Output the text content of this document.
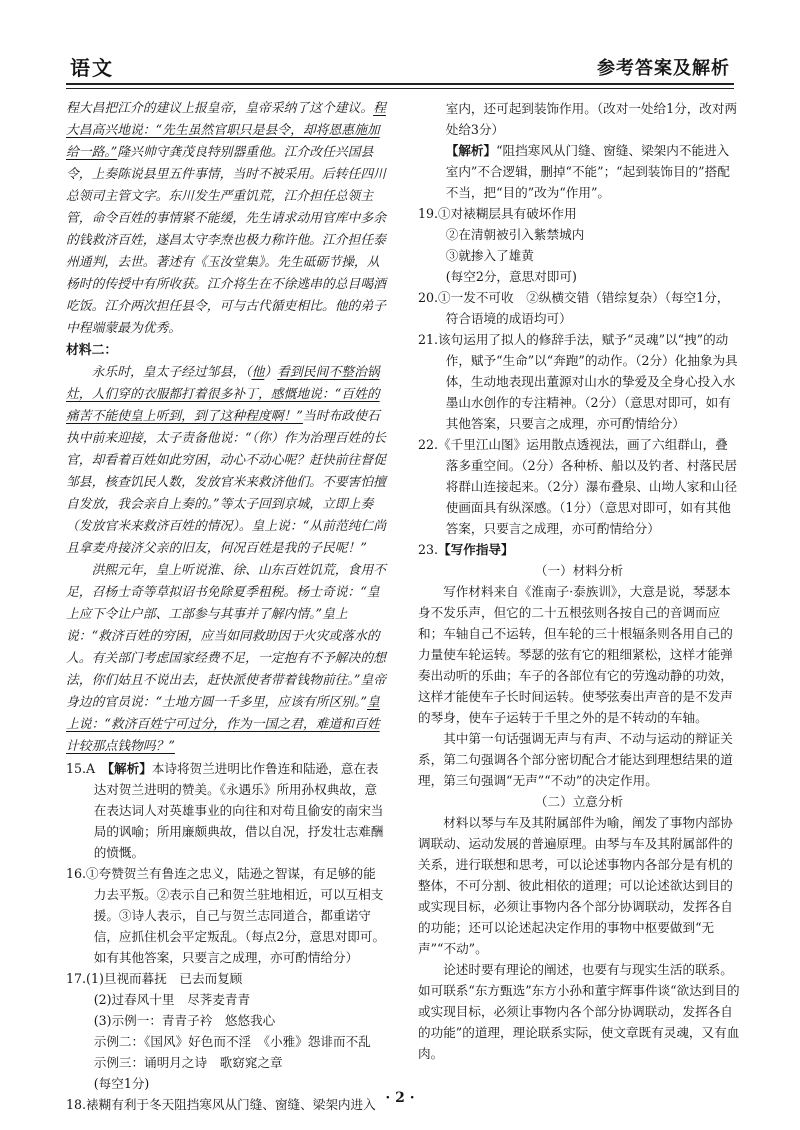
语文	参考答案及解析

程大昌把江介的建议上报皇帝，皇帝采纳了这个建议。程大昌高兴地说：“先生虽然官职只是县令，却将恩惠施加给一路。”隆兴帅守龚茂良特别器重他。江介改任兴国县令，上奏陈说县里五件事情，当时不被采用。后转任四川总领司主管文字。东川发生严重饥荒，江介担任总领主管，命令百姓的事情紧不能缓，先生请求动用官库中多余的钱救济百姓，遂昌太守李焘也极力称许他。江介担任泰州通判，去世。著述有《玉汝堂集》。先生砥砺节操，从杨时的传授中有所收获。江介将生在不徐逃串的总目喝酒吃饭。江介两次担任县令，可与古代循吏相比。他的弟子中程端蒙最为优秀。

材料二：

永乐时，皇太子经过邹县，（他）看到民间不整治锅灶，人们穿的衣服都打着很多补丁，感慨地说：“百姓的痛苦不能使皇上听到，到了这种程度啊！”当时布政使石执中前来迎接，太子责备他说：“（你）作为治理百姓的长官，却看着百姓如此穷困，动心不动心呢？赶快前往督促邹县，核查饥民人数，发放官米来救济他们。不要害怕擅自发放，我会亲自上奏的。”等太子回到京城，立即上奏（发放官米来救济百姓的情况）。皇上说：“从前范纯仁尚且拿麦舟接济父亲的旧友，何况百姓是我的子民呢！”

洪熙元年，皇上听说淮、徐、山东百姓饥荒，食用不足，召杨士奇等草拟诏书免除夏季租税。杨士奇说：“皇上应下令让户部、工部参与其事并了解内情。”皇上说：“救济百姓的穷困，应当如同救助因于火灾或落水的人。有关部门考虑国家经费不足，一定抱有不予解决的想法，你们姑且不说出去，赶快派使者带着钱物前往。”皇帝身边的官员说：“土地方圆一千多里，应该有所区别。”皇上说：“救济百姓宁可过分，作为一国之君，难道和百姓计较那点钱物吗？”

15.A　 【解析】本诗将贺兰进明比作鲁连和陆逊，意在表达对贺兰进明的赞美。《永遇乐》所用孙权典故，意在表达词人对英雄事业的向往和对苟且偷安的南宋当局的讽喻；所用廉颇典故，借以自况，抒发壮志难酬的愤慨。

16.①夸赞贺兰有鲁连之忠义，陆逊之智谋，有足够的能力去平叛。②表示自己和贺兰驻地相近，可以互相支援。③诗人表示，自己与贺兰志同道合，都重诺守信，应抓住机会平定叛乱。（每点2分，意思对即可。如有其他答案，只要言之成理，亦可酌情给分）

17.(1)旦视而暮抚　已去而复顾

(2)过春风十里　尽荠麦青青

(3)示例一：青青子衿　悠悠我心

示例二：《国风》好色而不淫　《小雅》怨诽而不乱

示例三：诵明月之诗　歌窈窕之章

(每空1分)

18.裱糊有利于冬天阻挡寒风从门缝、窗缝、梁架内进入

室内，还可起到装饰作用。（改对一处给1分，改对两处给3分）

【解析】“阻挡寒风从门缝、窗缝、梁架内不能进入室内”不合逻辑，删掉“不能”；“起到装饰目的”搭配不当，把“目的”改为“作用”。

19.①对裱糊层具有破坏作用

②在清朝被引入紫禁城内

③就掺入了雄黄

(每空2分，意思对即可)

20.①一发不可收　②纵横交错（错综复杂）（每空1分，符合语境的成语均可）

21.该句运用了拟人的修辞手法，赋予“灵魂”以“拽”的动作，赋予“生命”以“奔跑”的动作。（2分）化抽象为具体，生动地表现出董源对山水的挚爱及全身心投入水墨山水创作的专注精神。（2分）（意思对即可，如有其他答案，只要言之成理，亦可酌情给分）

22.《千里江山图》运用散点透视法，画了六组群山，叠落多重空间。（2分）各种桥、船以及钓者、村落民居将群山连接起来。（2分）瀑布叠泉、山坳人家和山径使画面具有纵深感。（1分）（意思对即可，如有其他答案，只要言之成理，亦可酌情给分）

23.【写作指导】

（一）材料分析

写作材料来自《淮南子·泰族训》，大意是说，琴瑟本身不发乐声，但它的二十五根弦则各按自己的音调而应和；车轴自己不运转，但车轮的三十根辐条则各用自己的力量使车轮运转。琴瑟的弦有它的粗细紧松，这样才能弹奏出动听的乐曲；车子的各部位有它的劳逸动静的功效，这样才能使车子长时间运转。使琴弦奏出声音的是不发声的琴身，使车子运转于千里之外的是不转动的车轴。

其中第一句话强调无声与有声、不动与运动的辩证关系，第二句强调各个部分密切配合才能达到理想结果的道理，第三句强调“无声”“不动”的决定作用。

（二）立意分析

材料以琴与车及其附属部件为喻，阐发了事物内部协调联动、运动发展的普遍原理。由琴与车及其附属部件的关系，进行联想和思考，可以论述事物内各部分是有机的整体，不可分割、彼此相依的道理；可以论述欲达到目的或实现目标，必须让事物内各个部分协调联动，发挥各自的功能；还可以论述起决定作用的事物中枢要做到“无声”“不动”。

论述时要有理论的阐述，也要有与现实生活的联系。如可联系“东方甄选”东方小孙和董宇辉事件谈“欲达到目的或实现目标，必须让事物内各个部分协调联动，发挥各自的功能”的道理，理论联系实际，使文章既有灵魂，又有血肉。

· 2 ·
